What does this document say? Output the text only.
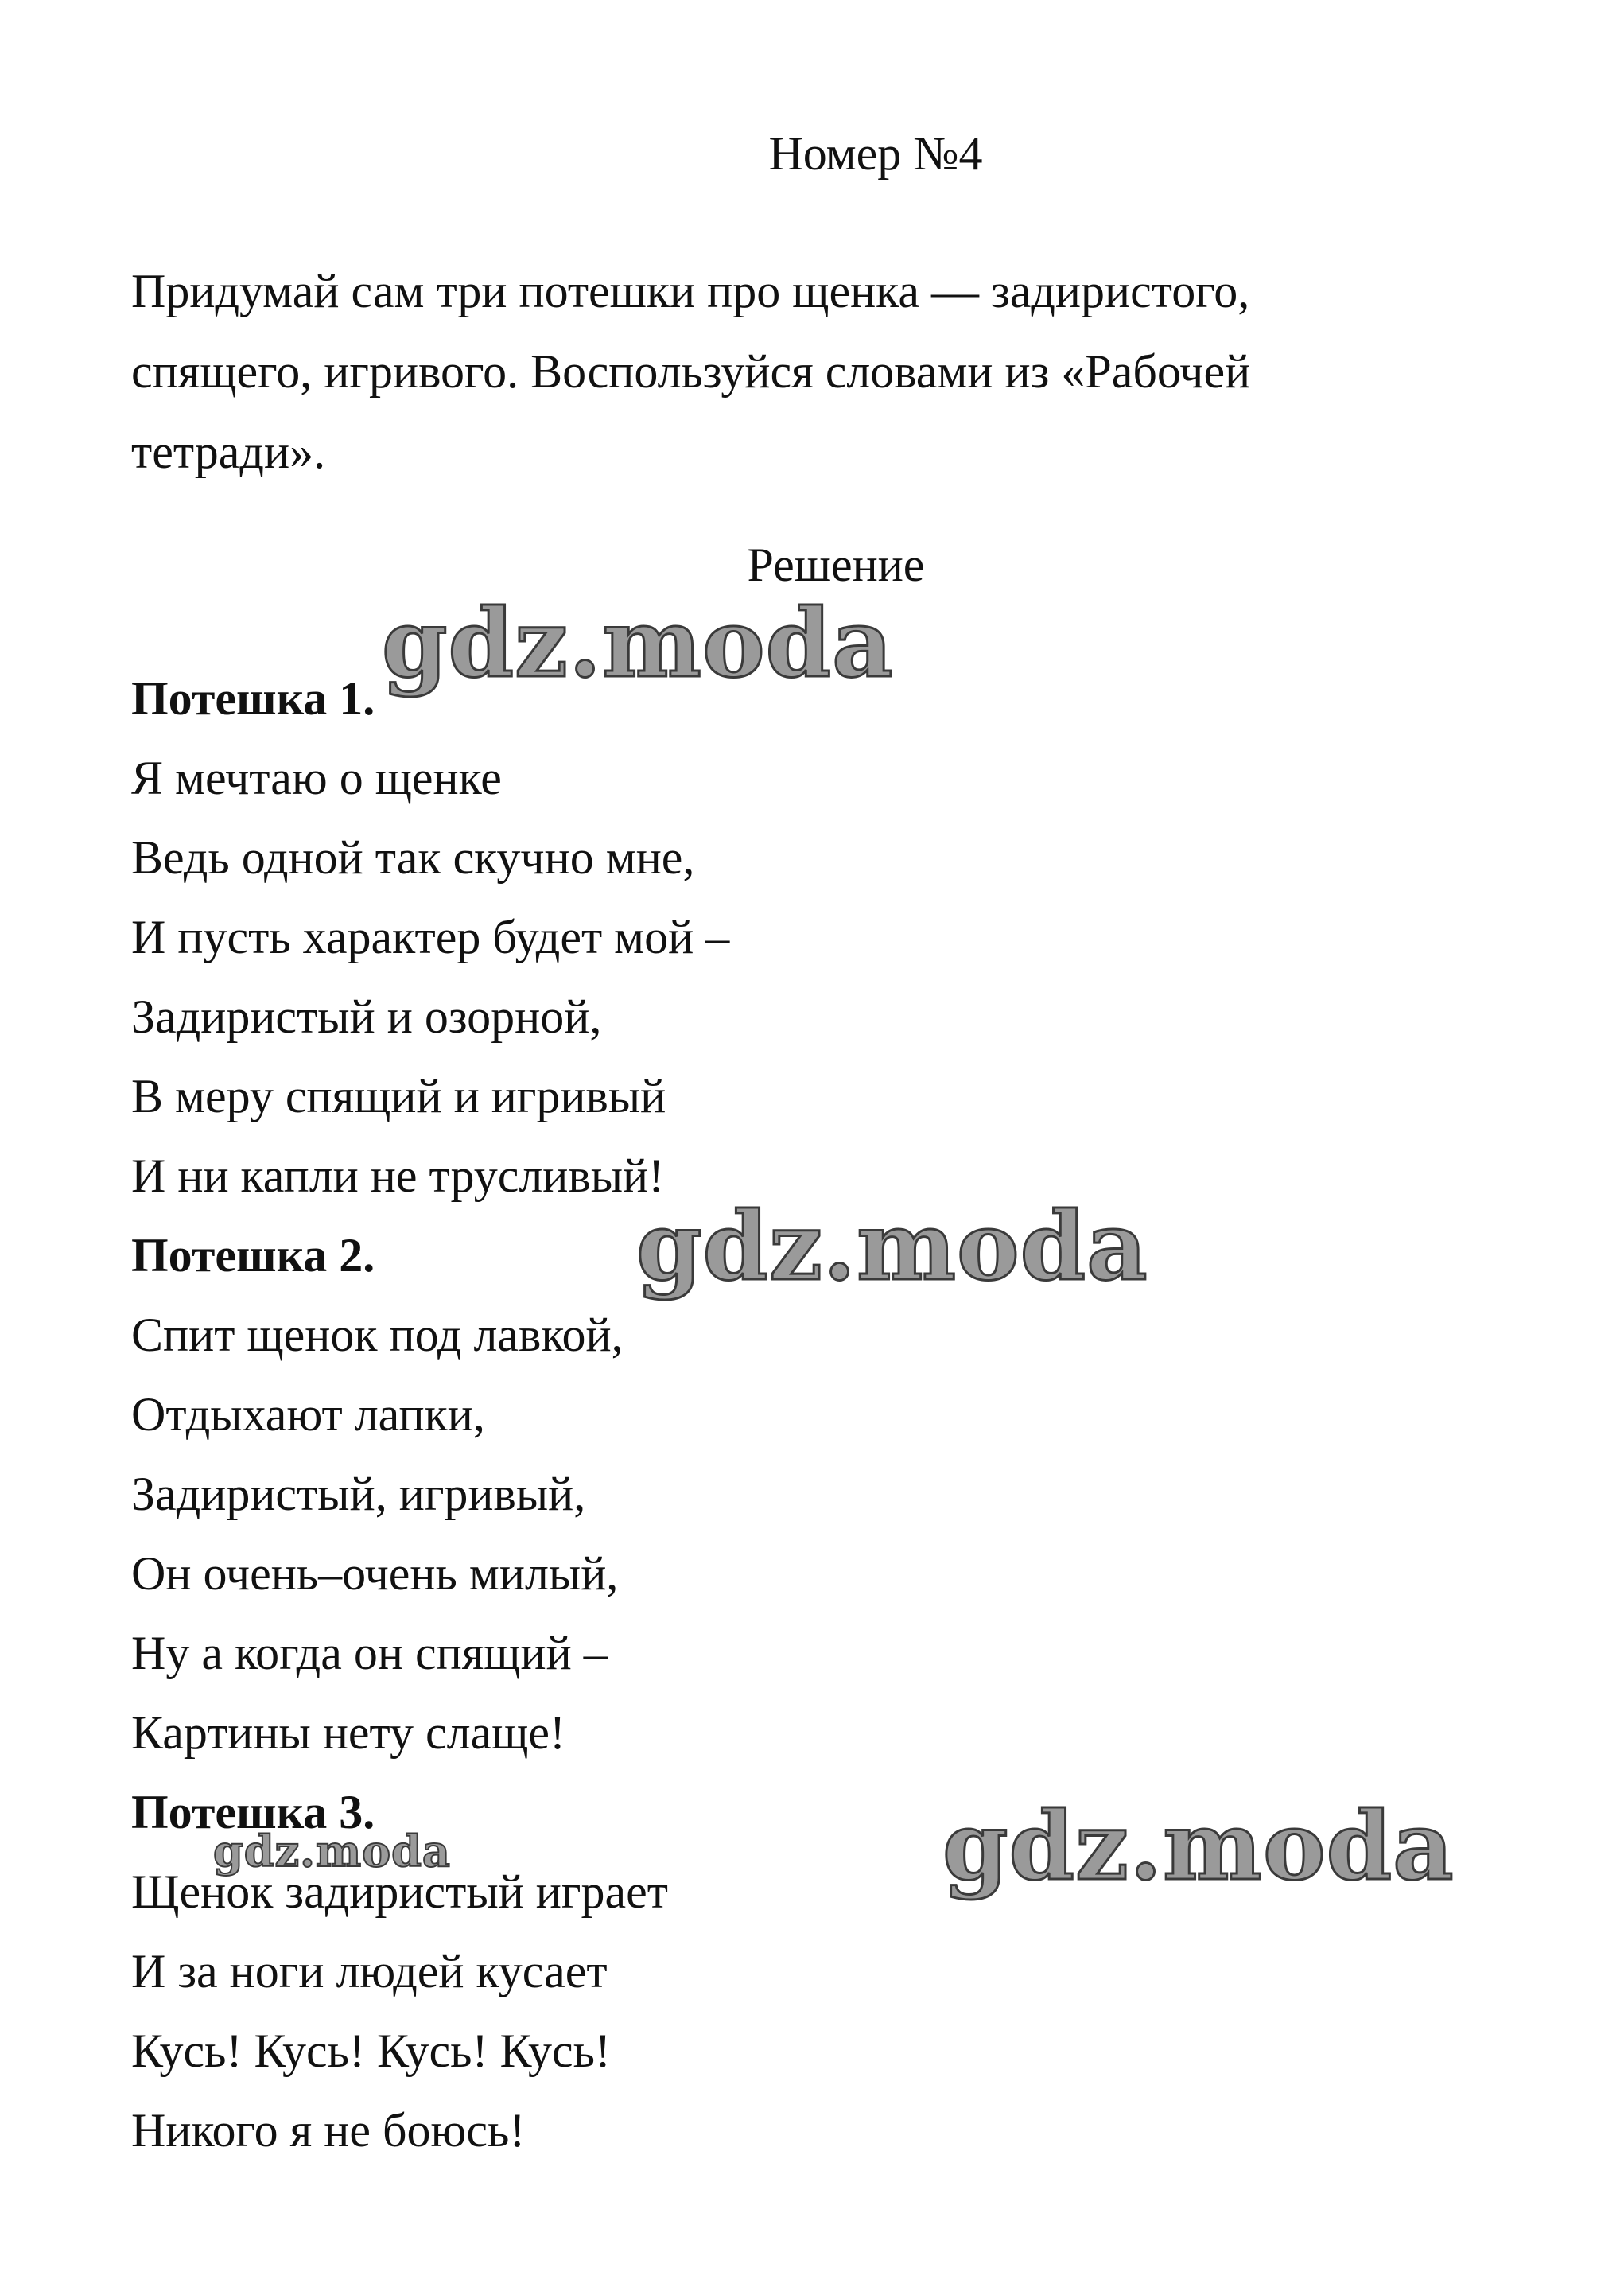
Номер №4
Придумай сам три потешки про щенка — задиристого,
спящего, игривого. Воспользуйся словами из «Рабочей
тетради».
Решение
Потешка 1.
Я мечтаю о щенке
Ведь одной так скучно мне,
И пусть характер будет мой –
Задиристый и озорной,
В меру спящий и игривый
И ни капли не трусливый!
Потешка 2.
Спит щенок под лавкой,
Отдыхают лапки,
Задиристый, игривый,
Он очень–очень милый,
Ну а когда он спящий –
Картины нету слаще!
Потешка 3.
Щенок задиристый играет
И за ноги людей кусает
Кусь! Кусь! Кусь! Кусь!
Никого я не боюсь!
gdz.moda
gdz.moda
gdz.moda
gdz.moda
